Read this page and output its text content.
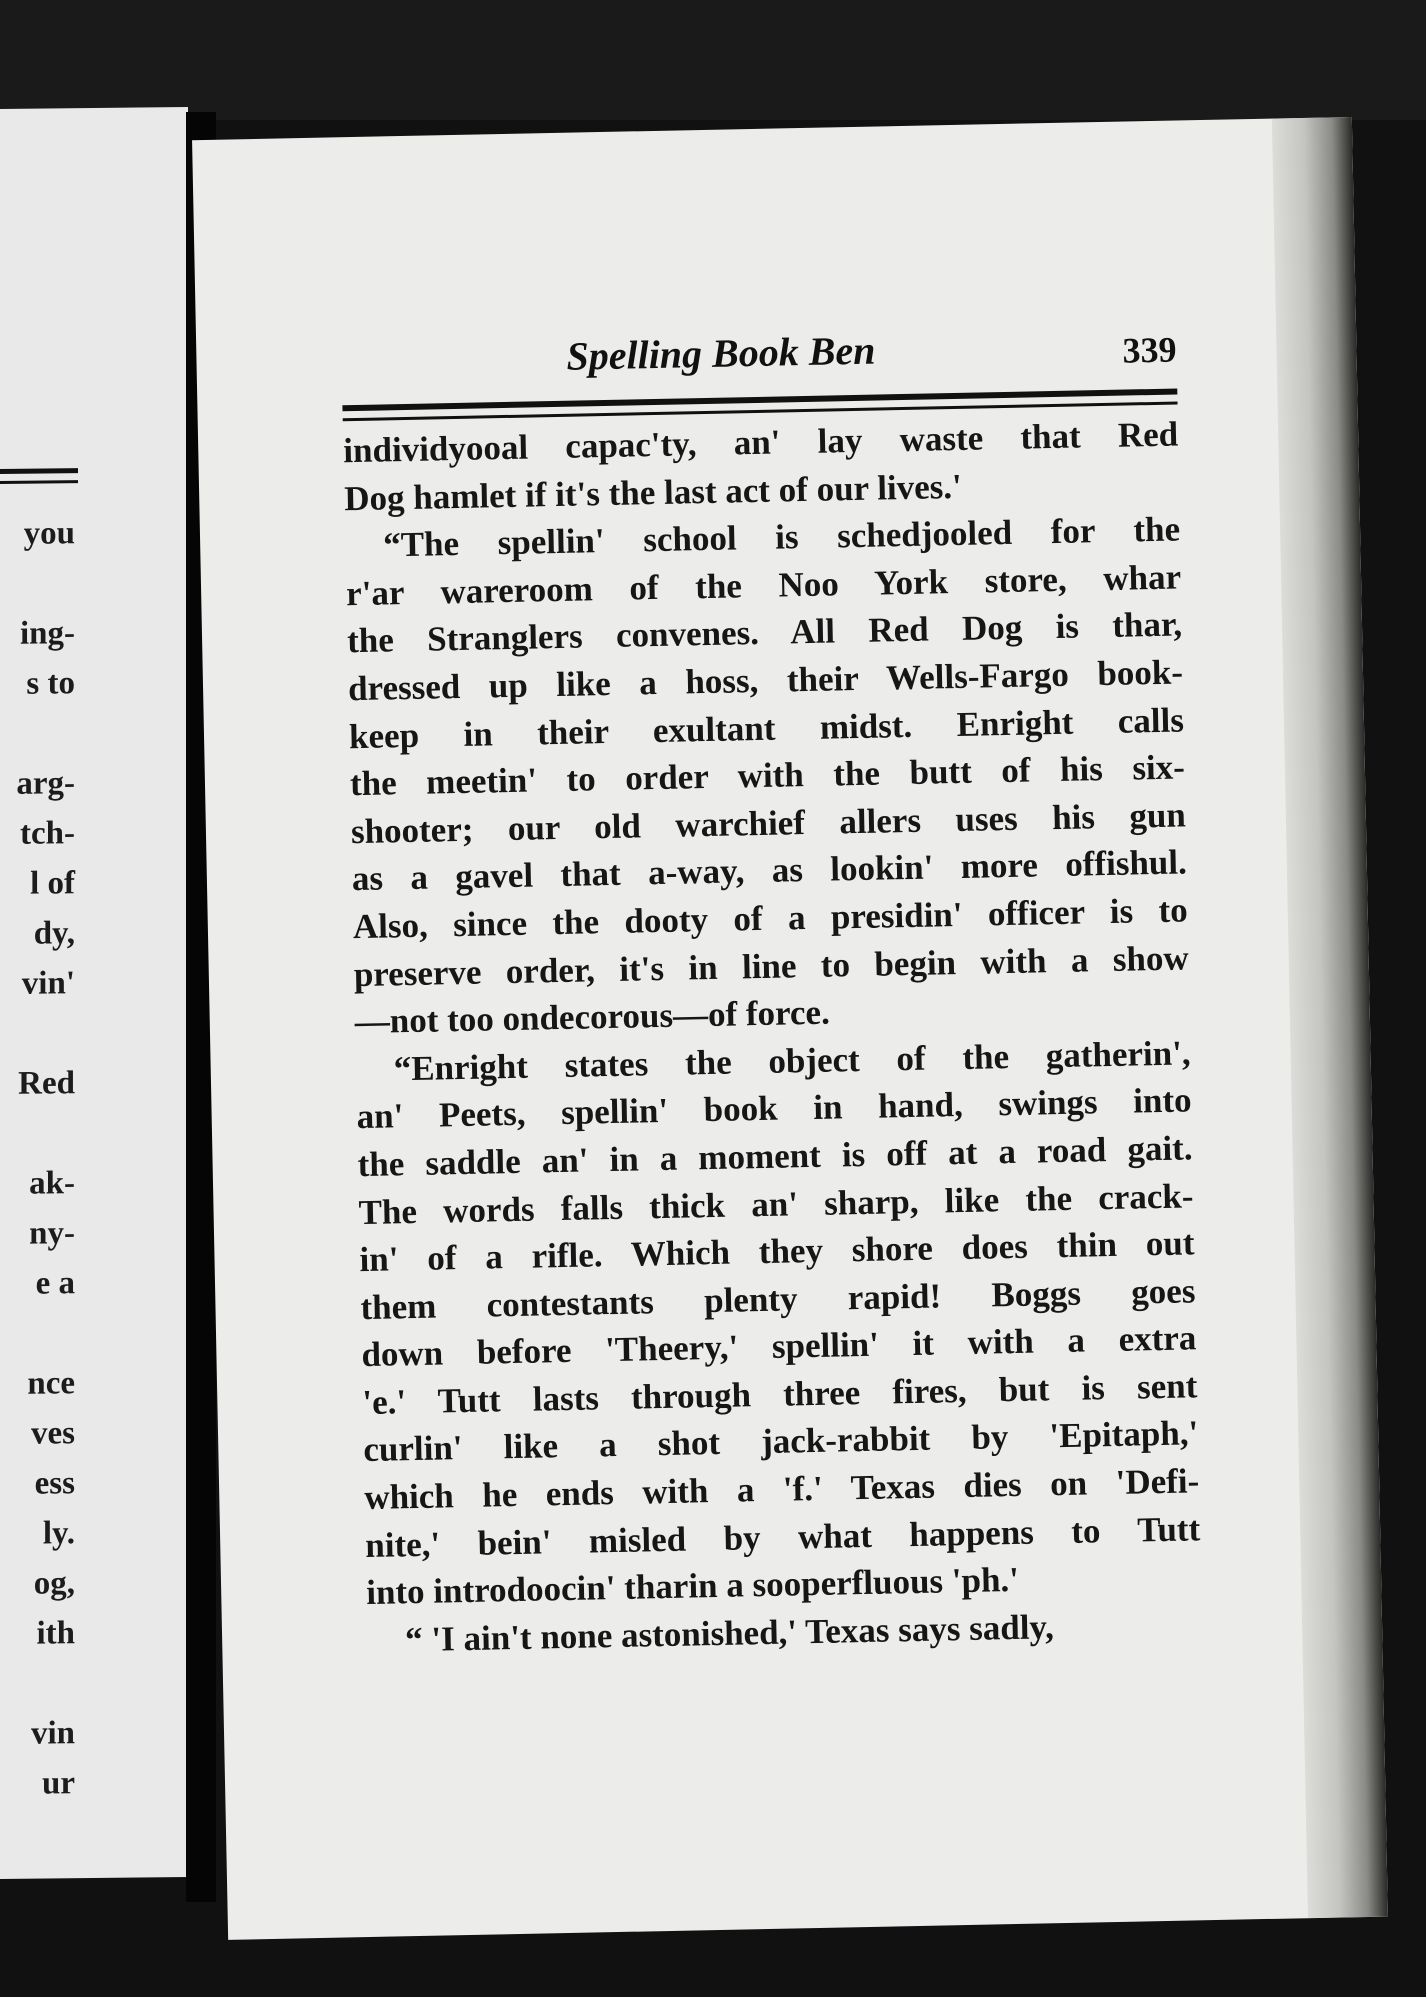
you
ing-
s to
arg-
tch-
l of
dy,
vin'
Red
ak-
ny-
e a
nce
ves
ess
ly.
og,
ith
vin
ur
Spelling Book Ben	339
individyooal capac'ty, an' lay waste that Red
Dog hamlet if it's the last act of our lives.'
“The spellin' school is schedjooled for the
r'ar wareroom of the Noo York store, whar
the Stranglers convenes. All Red Dog is thar,
dressed up like a hoss, their Wells-Fargo book-
keep in their exultant midst. Enright calls
the meetin' to order with the butt of his six-
shooter; our old warchief allers uses his gun
as a gavel that a-way, as lookin' more offishul.
Also, since the dooty of a presidin' officer is to
preserve order, it's in line to begin with a show
—not too ondecorous—of force.
“Enright states the object of the gatherin',
an' Peets, spellin' book in hand, swings into
the saddle an' in a moment is off at a road gait.
The words falls thick an' sharp, like the crack-
in' of a rifle. Which they shore does thin out
them contestants plenty rapid! Boggs goes
down before 'Theery,' spellin' it with a extra
'e.' Tutt lasts through three fires, but is sent
curlin' like a shot jack-rabbit by 'Epitaph,'
which he ends with a 'f.' Texas dies on 'Defi-
nite,' bein' misled by what happens to Tutt
into introdoocin' tharin a sooperfluous 'ph.'
“ 'I ain't none astonished,' Texas says sadly,
